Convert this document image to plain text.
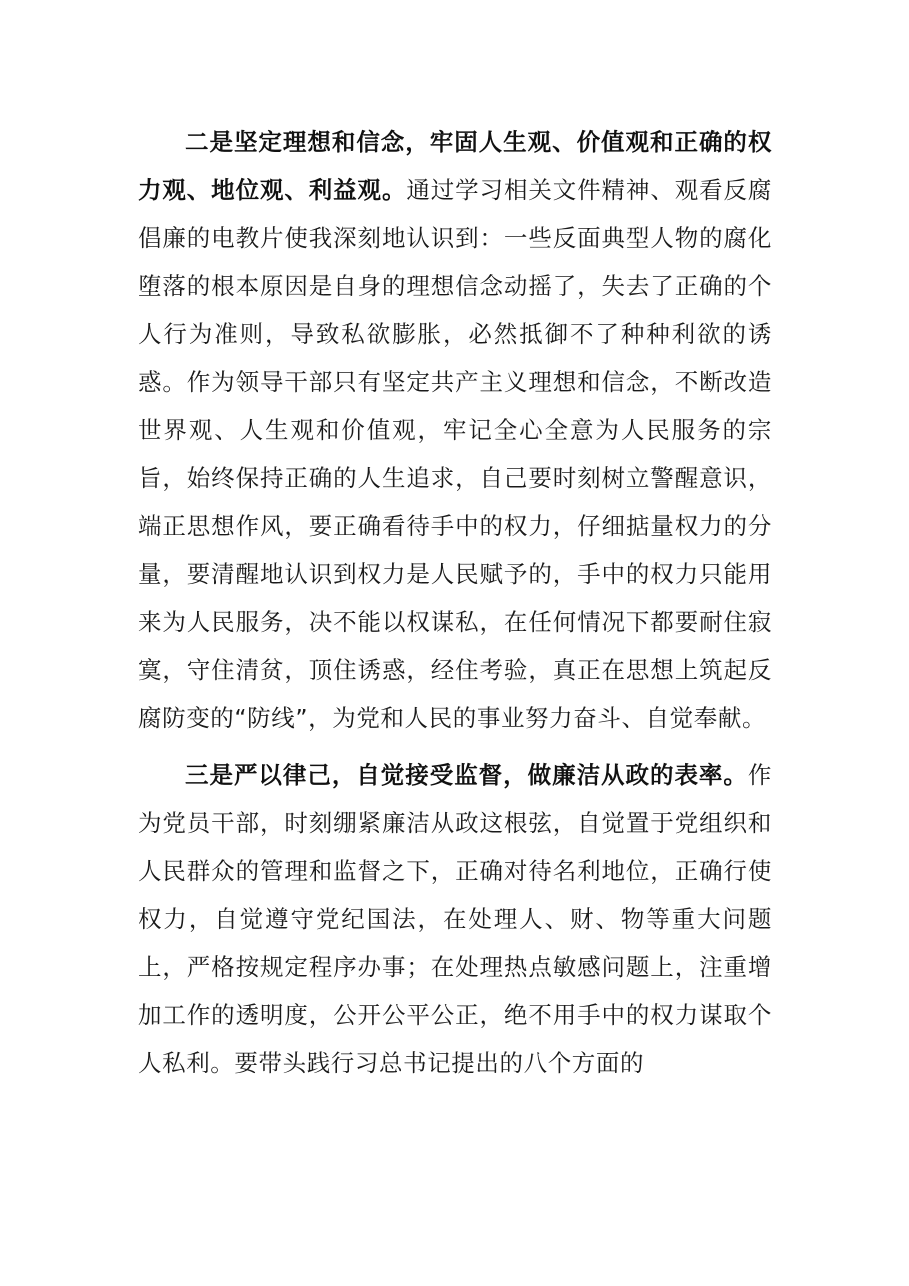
二是坚定理想和信念，牢固人生观、价值观和正确的权力观、地位观、利益观。通过学习相关文件精神、观看反腐倡廉的电教片使我深刻地认识到：一些反面典型人物的腐化堕落的根本原因是自身的理想信念动摇了，失去了正确的个人行为准则，导致私欲膨胀，必然抵御不了种种利欲的诱惑。作为领导干部只有坚定共产主义理想和信念，不断改造世界观、人生观和价值观，牢记全心全意为人民服务的宗旨，始终保持正确的人生追求，自己要时刻树立警醒意识，端正思想作风，要正确看待手中的权力，仔细掂量权力的分量，要清醒地认识到权力是人民赋予的，手中的权力只能用来为人民服务，决不能以权谋私，在任何情况下都要耐住寂寞，守住清贫，顶住诱惑，经住考验，真正在思想上筑起反腐防变的“防线”，为党和人民的事业努力奋斗、自觉奉献。

三是严以律己，自觉接受监督，做廉洁从政的表率。作为党员干部，时刻绷紧廉洁从政这根弦，自觉置于党组织和人民群众的管理和监督之下，正确对待名利地位，正确行使权力，自觉遵守党纪国法，在处理人、财、物等重大问题上，严格按规定程序办事；在处理热点敏感问题上，注重增加工作的透明度，公开公平公正，绝不用手中的权力谋取个人私利。要带头践行习总书记提出的八个方面的
